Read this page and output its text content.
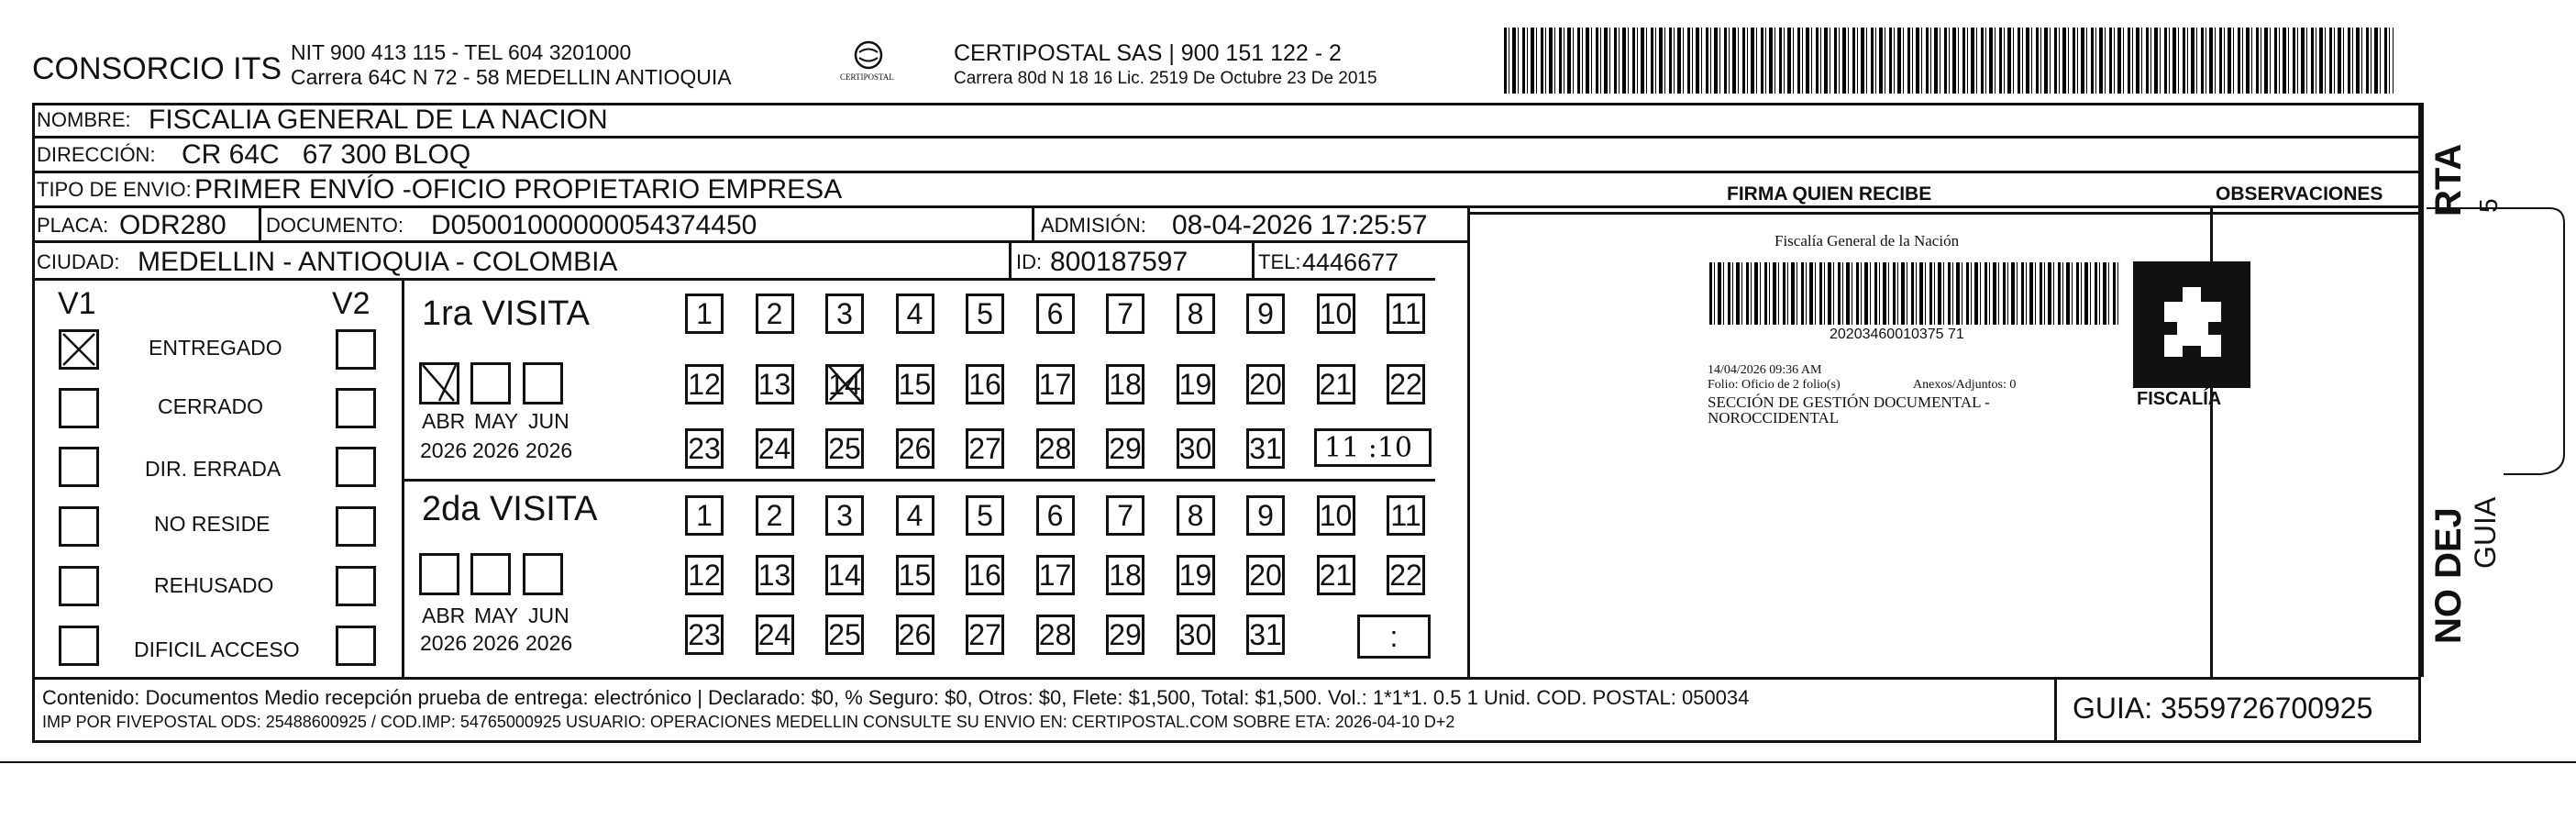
CONSORCIO ITS NIT 900 413 115 - TEL 604 3201000
Carrera 64C N 72 - 58 MEDELLIN ANTIOQUIA	CERTIPOSTAL
CERTIPOSTAL SAS | 900 151 122 - 2
Carrera 80d N 18 16 Lic. 2519 De Octubre 23 De 2015
NOMBRE: FISCALIA GENERAL DE LA NACION
DIRECCIÓN: CR 64C   67 300 BLOQ
TIPO DE ENVIO: PRIMER ENVÍO -OFICIO PROPIETARIO EMPRESA
PLACA: ODR280 DOCUMENTO: D05001000000054374450	ADMISIÓN: 08-04-2026 17:25:57
CIUDAD: MEDELLIN - ANTIOQUIA - COLOMBIA	ID: 800187597	TEL: 4446677
V1	V2
ENTREGADO
CERRADO
DIR. ERRADA
NO RESIDE
REHUSADO
DIFICIL ACCESO
1ra VISITA
ABR MAY JUN
2026 2026 2026
1	2	3	4	5	6	7	8	9	10 11
12 13 14 15 16 17 18 19 20 21 22
23 24 25 26 27 28 29 30 31	11 :10
2da VISITA
ABR MAY JUN
2026 2026 2026
1	2	3	4	5	6	7	8	9	10 11
12 13 14 15 16 17 18 19 20 21 22
23 24 25 26 27 28 29 30 31	:
FIRMA QUIEN RECIBE	OBSERVACIONES
Fiscalía General de la Nación
20203460010375 71
14/04/2026 09:36 AM
Folio: Oficio de 2 folio(s)	Anexos/Adjuntos: 0
SECCIÓN DE GESTIÓN DOCUMENTAL -
NOROCCIDENTAL
FISCALÍA
RTA 5
NO DEJ GUIA
Contenido: Documentos Medio recepción prueba de entrega: electrónico | Declarado: $0, % Seguro: $0, Otros: $0, Flete: $1,500, Total: $1,500. Vol.: 1*1*1. 0.5 1 Unid. COD. POSTAL: 050034
IMP POR FIVEPOSTAL ODS: 25488600925 / COD.IMP: 54765000925 USUARIO: OPERACIONES MEDELLIN CONSULTE SU ENVIO EN: CERTIPOSTAL.COM SOBRE ETA: 2026-04-10 D+2	GUIA: 3559726700925
